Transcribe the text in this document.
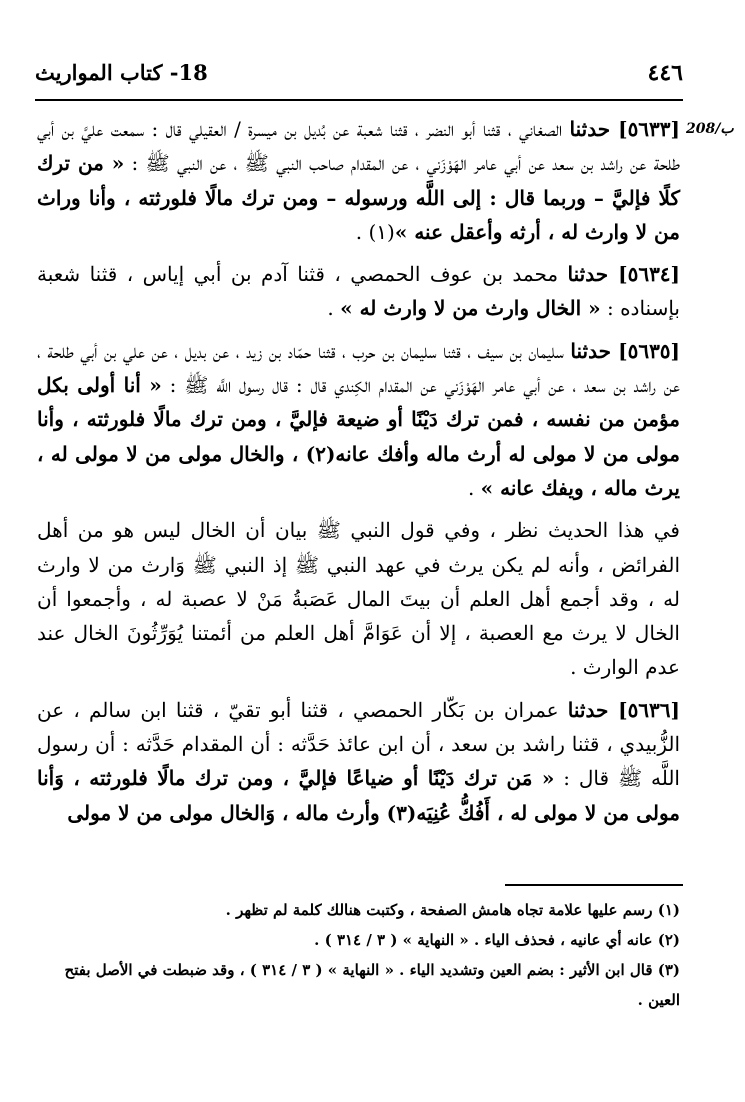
18- كتاب المواريث	٤٤٦
208/ب

[٥٦٣٣] حدثنا الصغاني ، قثنا أبو النضر ، قثنا شعبة عن بُديل بن ميسرة / العقيلي قال : سمعت عليَّ بن أبي طلحة عن راشد بن سعد عن أبي عامر الهَوْزَني ، عن المقدام صاحب النبي ﷺ ، عن النبي ﷺ : « من ترك كلًا فإليَّ – وربما قال : إلى اللَّه ورسوله – ومن ترك مالًا فلورثته ، وأنا وراث من لا وارث له ، أرثه وأعقل عنه »(١) .

[٥٦٣٤] حدثنا محمد بن عوف الحمصي ، قثنا آدم بن أبي إياس ، قثنا شعبة بإسناده : « الخال وارث من لا وارث له » .

[٥٦٣٥] حدثنا سليمان بن سيف ، قثنا سليمان بن حرب ، قثنا حمّاد بن زيد ، عن بديل ، عن علي بن أبي طلحة ، عن راشد بن سعد ، عن أبي عامر الهَوْزَني عن المقدام الكِندي قال : قال رسول اللَّه ﷺ : « أنا أولى بكل مؤمن من نفسه ، فمن ترك دَيْنًا أو ضيعة فإليَّ ، ومن ترك مالًا فلورثته ، وأنا مولى من لا مولى له أرث ماله وأفك عانه(٢) ، والخال مولى من لا مولى له ، يرث ماله ، ويفك عانه » .

في هذا الحديث نظر ، وفي قول النبي ﷺ بيان أن الخال ليس هو من أهل الفرائض ، وأنه لم يكن يرث في عهد النبي ﷺ إذ النبي ﷺ وَارث من لا وارث له ، وقد أجمع أهل العلم أن بيتَ المال عَصَبةُ مَنْ لا عصبة له ، وأجمعوا أن الخال لا يرث مع العصبة ، إلا أن عَوَامَّ أهل العلم من أئمتنا يُوَرِّثُونَ الخال عند عدم الوارث .

[٥٦٣٦] حدثنا عمران بن بَكّار الحمصي ، قثنا أبو تقيّ ، قثنا ابن سالم ، عن الزُّبيدي ، قثنا راشد بن سعد ، أن ابن عائذ حَدَّثه : أن المقدام حَدَّثه : أن رسول اللَّه ﷺ قال : « مَن ترك دَيْنًا أو ضياعًا فإليَّ ، ومن ترك مالًا فلورثته ، وَأنا مولى من لا مولى له ، أَفُكُّ عُنِيَه(٣) وأرث ماله ، وَالخال مولى من لا مولى

(١) رسم عليها علامة تجاه هامش الصفحة ، وكتبت هنالك كلمة لم تظهر .

(٢) عانه أي عانيه ، فحذف الياء . « النهاية » ( ٣ / ٣١٤ ) .

(٣) قال ابن الأثير : بضم العين وتشديد الياء . « النهاية » ( ٣ / ٣١٤ ) ، وقد ضبطت في الأصل بفتح العين .
